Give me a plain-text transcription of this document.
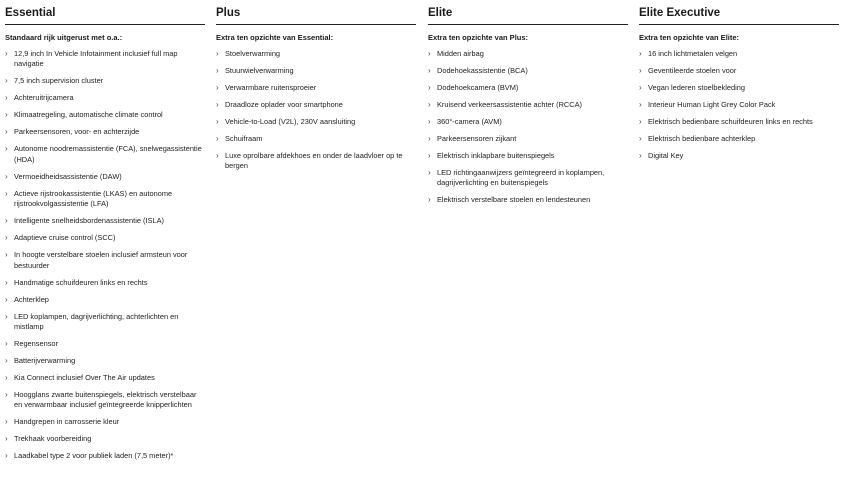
Essential
Standaard rijk uitgerust met o.a.:
› 12,9 inch In Vehicle Infotainment inclusief full map navigatie
› 7,5 inch supervision cluster
› Achteruitrijcamera
› Klimaatregeling, automatische climate control
› Parkeersensoren, voor- en achterzijde
› Autonome noodremassistentie (FCA), snelwegassistentie (HDA)
› Vermoeidheidsassistentie (DAW)
› Actieve rijstrookassistentie (LKAS) en autonome rijstrookvolgassistentie (LFA)
› Intelligente snelheidsbordenassistentie (ISLA)
› Adaptieve cruise control (SCC)
› In hoogte verstelbare stoelen inclusief armsteun voor bestuurder
› Handmatige schuifdeuren links en rechts
› Achterklep
› LED koplampen, dagrijverlichting, achterlichten en mistlamp
› Regensensor
› Batterijverwarming
› Kia Connect inclusief Over The Air updates
› Hoogglans zwarte buitenspiegels, elektrisch verstelbaar en verwarmbaar inclusief geïntegreerde knipperlichten
› Handgrepen in carrosserie kleur
› Trekhaak voorbereiding
› Laadkabel type 2 voor publiek laden (7,5 meter)*
Plus
Extra ten opzichte van Essential:
› Stoelverwarming
› Stuurwielverwarming
› Verwarmbare ruitensproeier
› Draadloze oplader voor smartphone
› Vehicle-to-Load (V2L), 230V aansluiting
› Schuifraam
› Luxe oprolbare afdekhoes en onder de laadvloer op te bergen
Elite
Extra ten opzichte van Plus:
› Midden airbag
› Dodehoekassistentie (BCA)
› Dodehoekcamera (BVM)
› Kruisend verkeersassistentie achter (RCCA)
› 360°-camera (AVM)
› Parkeersensoren zijkant
› Elektrisch inklapbare buitenspiegels
› LED richtingaanwijzers geïntegreerd in koplampen, dagrijverlichting en buitenspiegels
› Elektrisch verstelbare stoelen en lendesteunen
Elite Executive
Extra ten opzichte van Elite:
› 16 inch lichtmetalen velgen
› Geventileerde stoelen voor
› Vegan lederen stoelbekleding
› Interieur Human Light Grey Color Pack
› Elektrisch bedienbare schuifdeuren links en rechts
› Elektrisch bedienbare achterklep
› Digital Key
